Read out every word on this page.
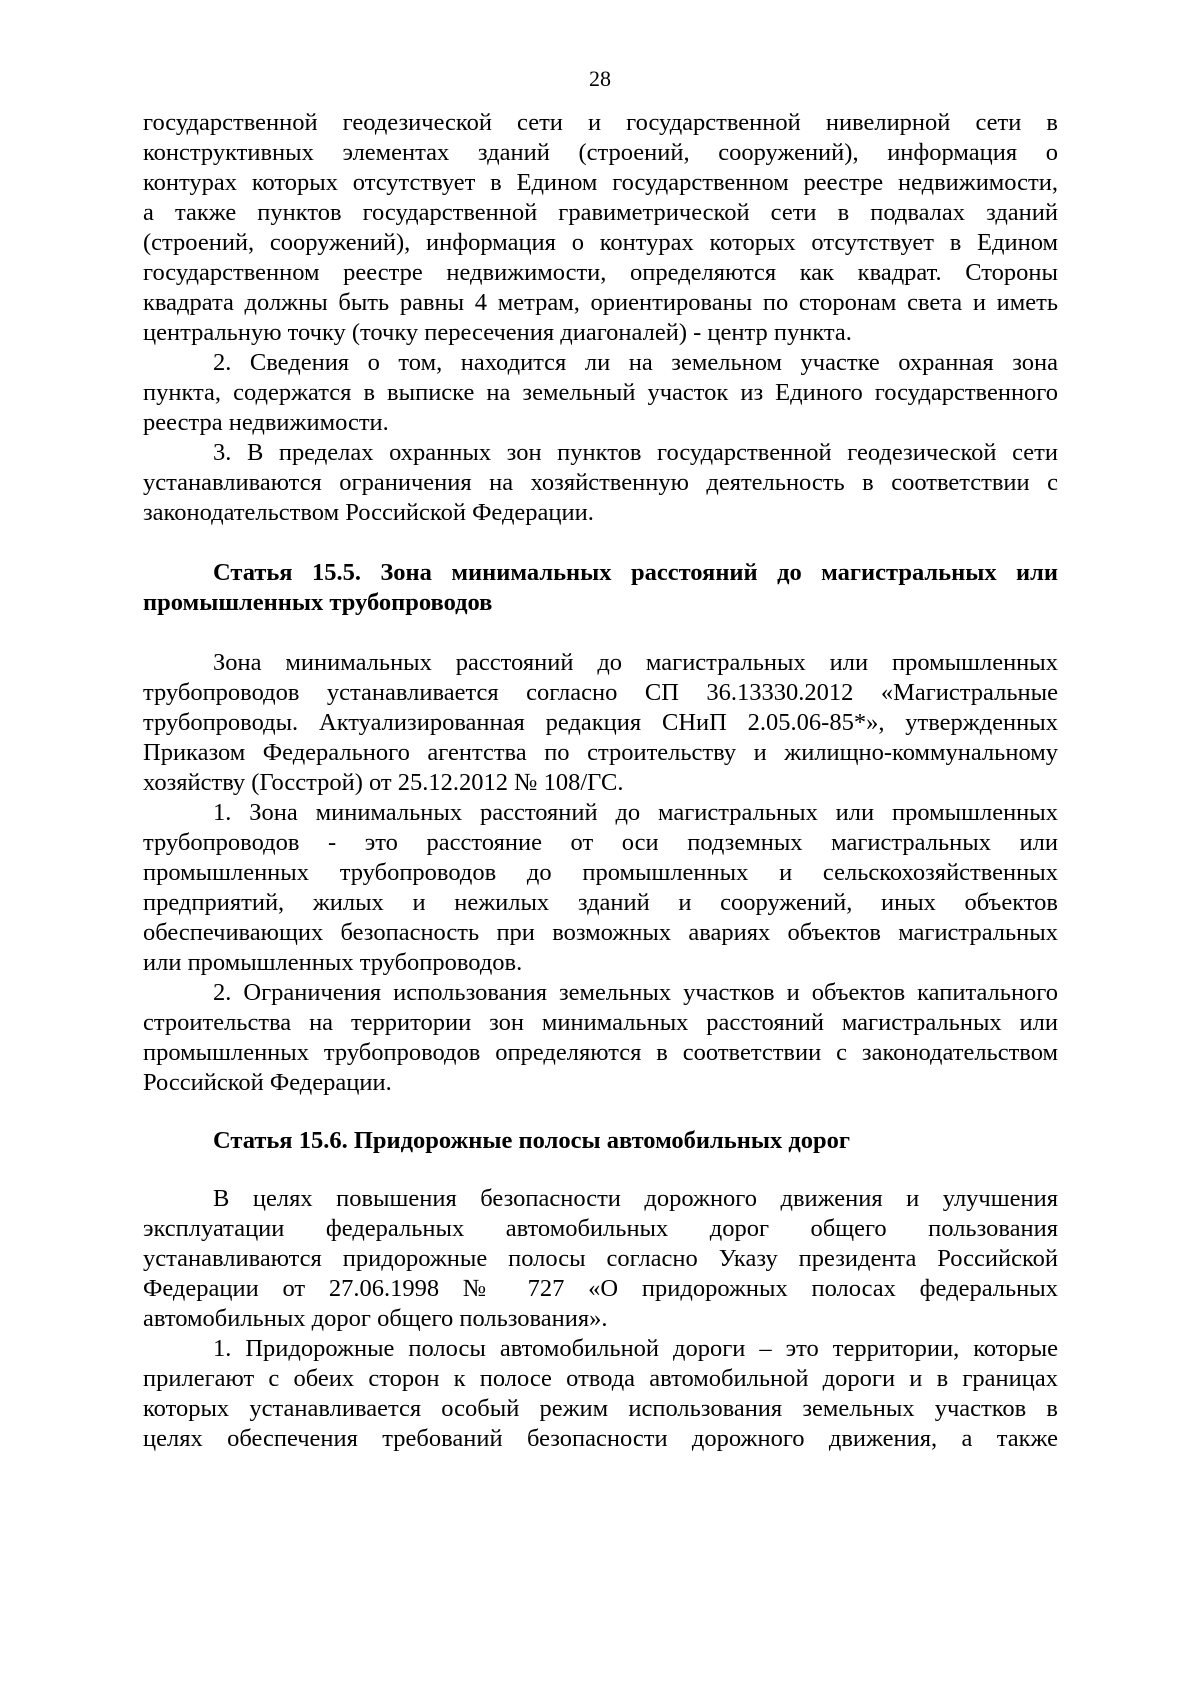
28
государственной геодезической сети и государственной нивелирной сети в
конструктивных элементах зданий (строений, сооружений), информация о
контурах которых отсутствует в Едином государственном реестре недвижимости,
а также пунктов государственной гравиметрической сети в подвалах зданий
(строений, сооружений), информация о контурах которых отсутствует в Едином
государственном реестре недвижимости, определяются как квадрат. Стороны
квадрата должны быть равны 4 метрам, ориентированы по сторонам света и иметь
центральную точку (точку пересечения диагоналей) - центр пункта.
2. Сведения о том, находится ли на земельном участке охранная зона
пункта, содержатся в выписке на земельный участок из Единого государственного
реестра недвижимости.
3. В пределах охранных зон пунктов государственной геодезической сети
устанавливаются ограничения на хозяйственную деятельность в соответствии с
законодательством Российской Федерации.
Статья 15.5. Зона минимальных расстояний до магистральных или
промышленных трубопроводов
Зона минимальных расстояний до магистральных или промышленных
трубопроводов устанавливается согласно СП 36.13330.2012 «Магистральные
трубопроводы. Актуализированная редакция СНиП 2.05.06-85*», утвержденных
Приказом Федерального агентства по строительству и жилищно-коммунальному
хозяйству (Госстрой) от 25.12.2012 № 108/ГС.
1. Зона минимальных расстояний до магистральных или промышленных
трубопроводов - это расстояние от оси подземных магистральных или
промышленных трубопроводов до промышленных и сельскохозяйственных
предприятий, жилых и нежилых зданий и сооружений, иных объектов
обеспечивающих безопасность при возможных авариях объектов магистральных
или промышленных трубопроводов.
2. Ограничения использования земельных участков и объектов капитального
строительства на территории зон минимальных расстояний магистральных или
промышленных трубопроводов определяются в соответствии с законодательством
Российской Федерации.
Статья 15.6. Придорожные полосы автомобильных дорог
В целях повышения безопасности дорожного движения и улучшения
эксплуатации федеральных автомобильных дорог общего пользования
устанавливаются придорожные полосы согласно Указу президента Российской
Федерации от 27.06.1998 № 727 «О придорожных полосах федеральных
автомобильных дорог общего пользования».
1. Придорожные полосы автомобильной дороги – это территории, которые
прилегают с обеих сторон к полосе отвода автомобильной дороги и в границах
которых устанавливается особый режим использования земельных участков в
целях обеспечения требований безопасности дорожного движения, а также
